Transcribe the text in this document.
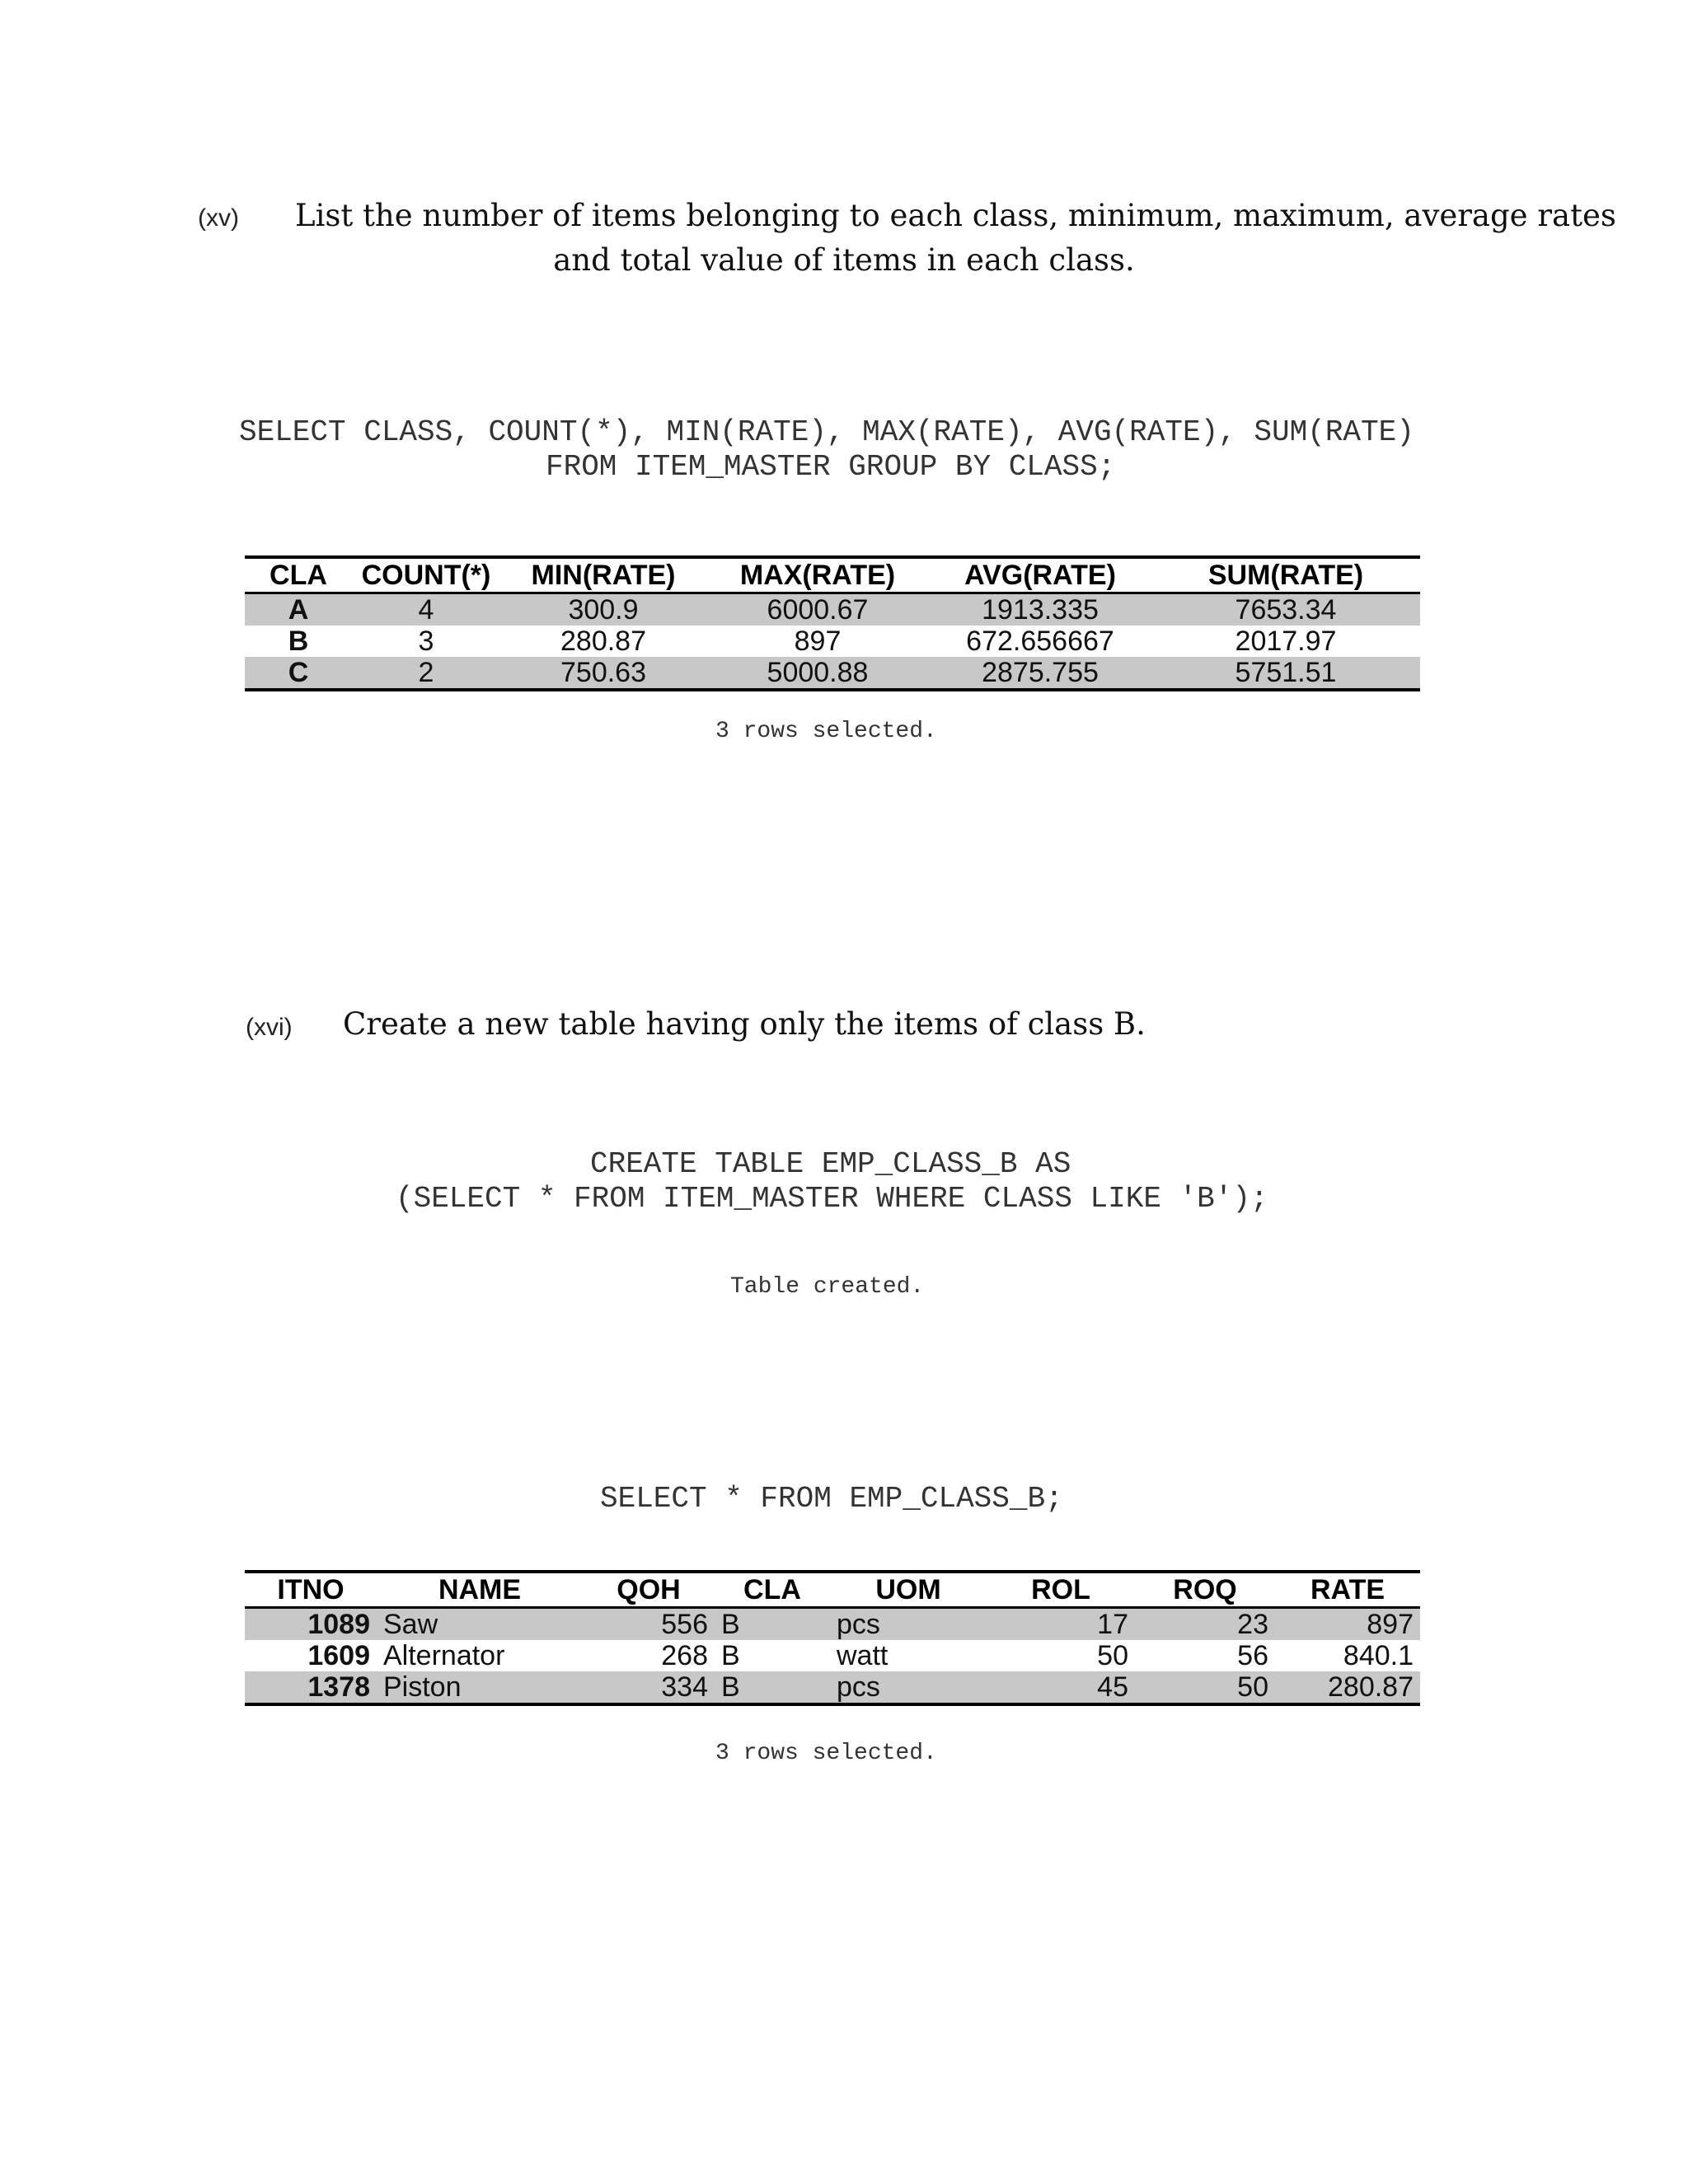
(xv) List the number of items belonging to each class, minimum, maximum, average rates
and total value of items in each class.
SELECT CLASS, COUNT(*), MIN(RATE), MAX(RATE), AVG(RATE), SUM(RATE)
FROM ITEM_MASTER GROUP BY CLASS;
CLA	COUNT(*)	MIN(RATE)	MAX(RATE)	AVG(RATE)	SUM(RATE)
A	4	300.9	6000.67	1913.335	7653.34
B	3	280.87	897	672.656667	2017.97
C	2	750.63	5000.88	2875.755	5751.51
3 rows selected.
(xvi) Create a new table having only the items of class B.
CREATE TABLE EMP_CLASS_B AS
(SELECT * FROM ITEM_MASTER WHERE CLASS LIKE 'B');
Table created.
SELECT * FROM EMP_CLASS_B;
ITNO	NAME	QOH	CLA	UOM	ROL	ROQ	RATE
1089	Saw	556	B	pcs	17	23	897
1609	Alternator	268	B	watt	50	56	840.1
1378	Piston	334	B	pcs	45	50	280.87
3 rows selected.
